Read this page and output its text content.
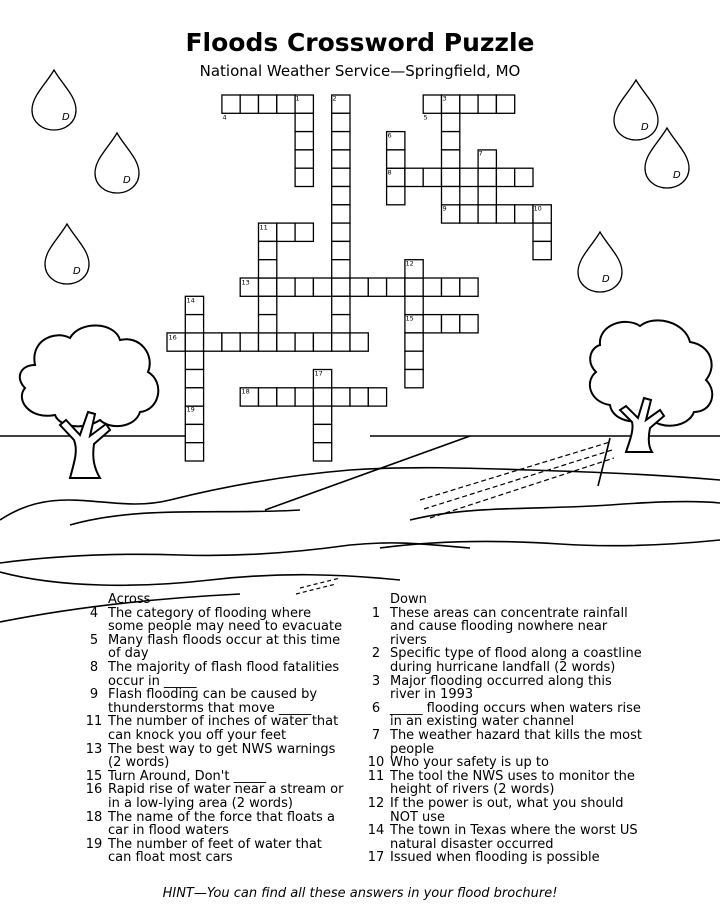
Floods Crossword Puzzle
National Weather Service—Springfield, MO
D
D
D
D
D
D
1	2	3
4	5
6
7
8
9	10
11
12
13
14
15
16
17
18
19
Across
4 The category of flooding where some people may need to evacuate
5 Many flash floods occur at this time of day
8 The majority of flash flood fatalities occur in _____
9 Flash flooding can be caused by thunderstorms that move _____
11 The number of inches of water that can knock you off your feet
13 The best way to get NWS warnings (2 words)
15 Turn Around, Don't _____
16 Rapid rise of water near a stream or in a low-lying area (2 words)
18 The name of the force that floats a car in flood waters
19 The number of feet of water that can float most cars
Down
1 These areas can concentrate rainfall and cause flooding nowhere near rivers
2 Specific type of flood along a coastline during hurricane landfall (2 words)
3 Major flooding occurred along this river in 1993
6 _____ flooding occurs when waters rise in an existing water channel
7 The weather hazard that kills the most people
10 Who your safety is up to
11 The tool the NWS uses to monitor the height of rivers (2 words)
12 If the power is out, what you should NOT use
14 The town in Texas where the worst US natural disaster occurred
17 Issued when flooding is possible
HINT—You can find all these answers in your flood brochure!
